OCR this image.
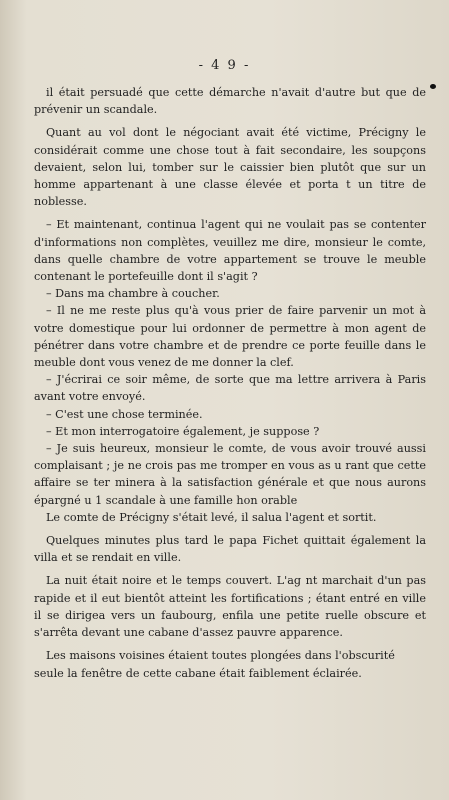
- 4 9 -

il était persuadé que cette démarche n'avait d'autre but que de prévenir un scandale.

Quant au vol dont le négociant avait été victime, Précigny le considérait comme une chose tout à fait secondaire, les soupçons devaient, selon lui, tomber sur le caissier bien plutôt que sur un homme appartenant à une classe élevée et porta t un titre de noblesse.

– Et maintenant, continua l'agent qui ne voulait pas se contenter d'informations non complètes, veuillez me dire, monsieur le comte, dans quelle chambre de votre appartement se trouve le meuble contenant le portefeuille dont il s'agit ?

– Dans ma chambre à coucher.

– Il ne me reste plus qu'à vous prier de faire parvenir un mot à votre domestique pour lui ordonner de permettre à mon agent de pénétrer dans votre chambre et de prendre ce porte feuille dans le meuble dont vous venez de me donner la clef.

– J'écrirai ce soir même, de sorte que ma lettre arrivera à Paris avant votre envoyé.

– C'est une chose terminée.

– Et mon interrogatoire également, je suppose ?

– Je suis heureux, monsieur le comte, de vous avoir trouvé aussi complaisant ; je ne crois pas me tromper en vous as u rant que cette affaire se ter minera à la satisfaction générale et que nous aurons épargné u 1 scandale à une famille hon orable

Le comte de Précigny s'était levé, il salua l'agent et sortit.

Quelques minutes plus tard le papa Fichet quittait également la villa et se rendait en ville.

La nuit était noire et le temps couvert. L'ag nt marchait d'un pas rapide et il eut bientôt atteint les fortifications ; étant entré en ville il se dirigea vers un faubourg, enfila une petite ruelle obscure et s'arrêta devant une cabane d'assez pauvre apparence.

Les maisons voisines étaient toutes plongées dans l'obscurité seule la fenêtre de cette cabane était faiblement éclairée.
